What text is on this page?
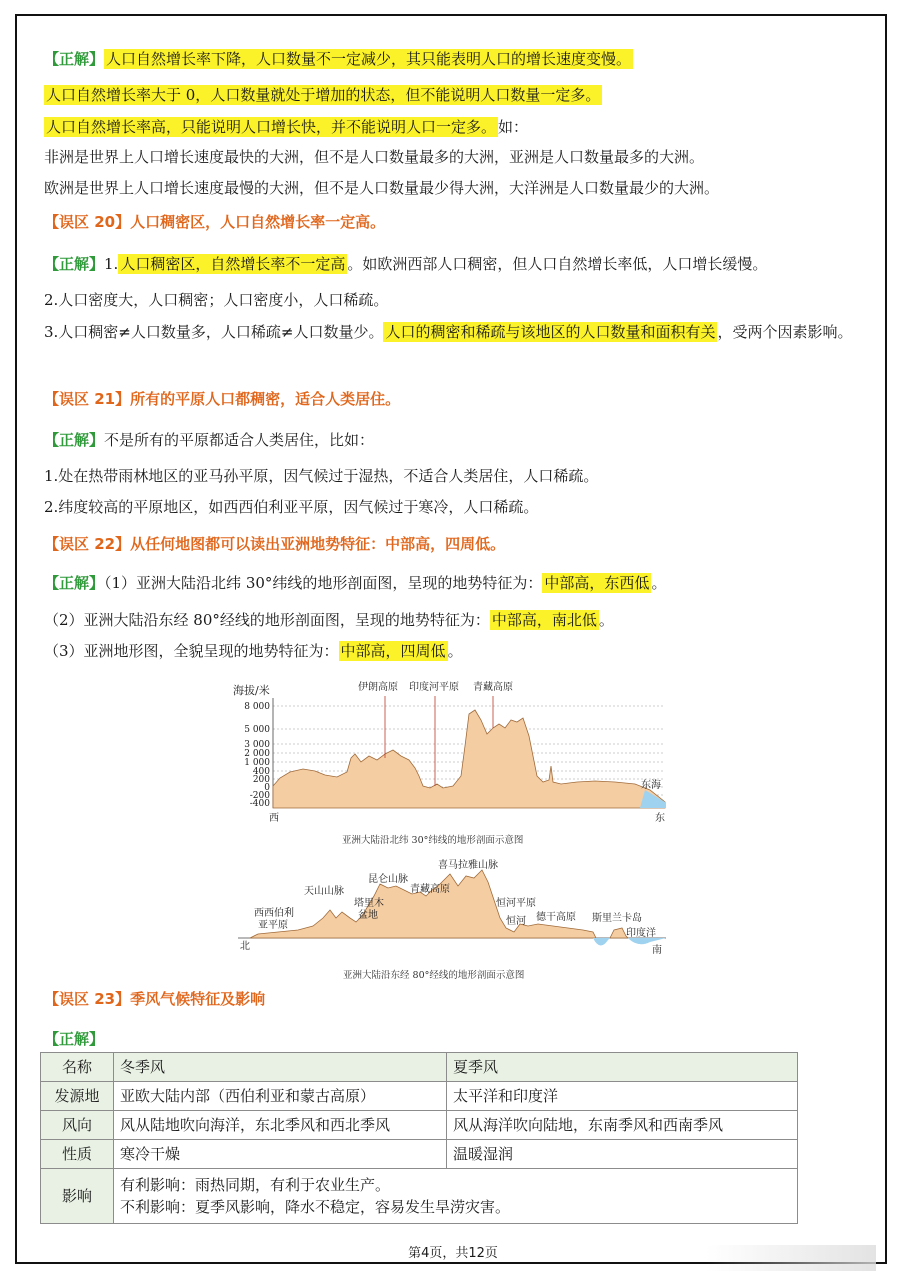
【正解】 人口自然增长率下降，人口数量不一定减少，其只能表明人口的增长速度变慢。
人口自然增长率大于 0，人口数量就处于增加的状态，但不能说明人口数量一定多。
人口自然增长率高，只能说明人口增长快，并不能说明人口一定多。 如：
非洲是世界上人口增长速度最快的大洲，但不是人口数量最多的大洲，亚洲是人口数量最多的大洲。
欧洲是世界上人口增长速度最慢的大洲，但不是人口数量最少得大洲，大洋洲是人口数量最少的大洲。
【误区 20】人口稠密区，人口自然增长率一定高。
【正解】1. 人口稠密区，自然增长率不一定高 。如欧洲西部人口稠密，但人口自然增长率低，人口增长缓慢。
2.人口密度大，人口稠密；人口密度小，人口稀疏。
3.人口稠密≠人口数量多，人口稀疏≠人口数量少。 人口的稠密和稀疏与该地区的人口数量和面积有关 ，受两个因素影响。
【误区 21】所有的平原人口都稠密，适合人类居住。
【正解】不是所有的平原都适合人类居住，比如：
1.处在热带雨林地区的亚马孙平原，因气候过于湿热，不适合人类居住，人口稀疏。
2.纬度较高的平原地区，如西西伯利亚平原，因气候过于寒冷，人口稀疏。
【误区 22】从任何地图都可以读出亚洲地势特征：中部高，四周低。
【正解】（1）亚洲大陆沿北纬 30°纬线的地形剖面图，呈现的地势特征为： 中部高，东西低 。
（2）亚洲大陆沿东经 80°经线的地形剖面图，呈现的地势特征为： 中部高，南北低 。
（3）亚洲地形图，全貌呈现的地势特征为： 中部高，四周低 。
海拔/米
8 000
5 000
3 000
2 000
1 000
400
200
0
-200
-400
伊朗高原 印度河平原 青藏高原
东海
西	东
亚洲大陆沿北纬 30°纬线的地形剖面示意图
喜马拉雅山脉
昆仑山脉
天山山脉	青藏高原
塔里木
盆地
西西伯利
亚平原
恒河平原
恒河 德干高原 斯里兰卡岛
印度洋
北	南
亚洲大陆沿东经 80°经线的地形剖面示意图
【误区 23】季风气候特征及影响
【正解】
名称	冬季风	夏季风
发源地	亚欧大陆内部（西伯利亚和蒙古高原）	太平洋和印度洋
风向	风从陆地吹向海洋，东北季风和西北季风	风从海洋吹向陆地，东南季风和西南季风
性质	寒冷干燥	温暖湿润
影响	有利影响：雨热同期，有利于农业生产。
不利影响：夏季风影响，降水不稳定，容易发生旱涝灾害。	
第4页，共12页
